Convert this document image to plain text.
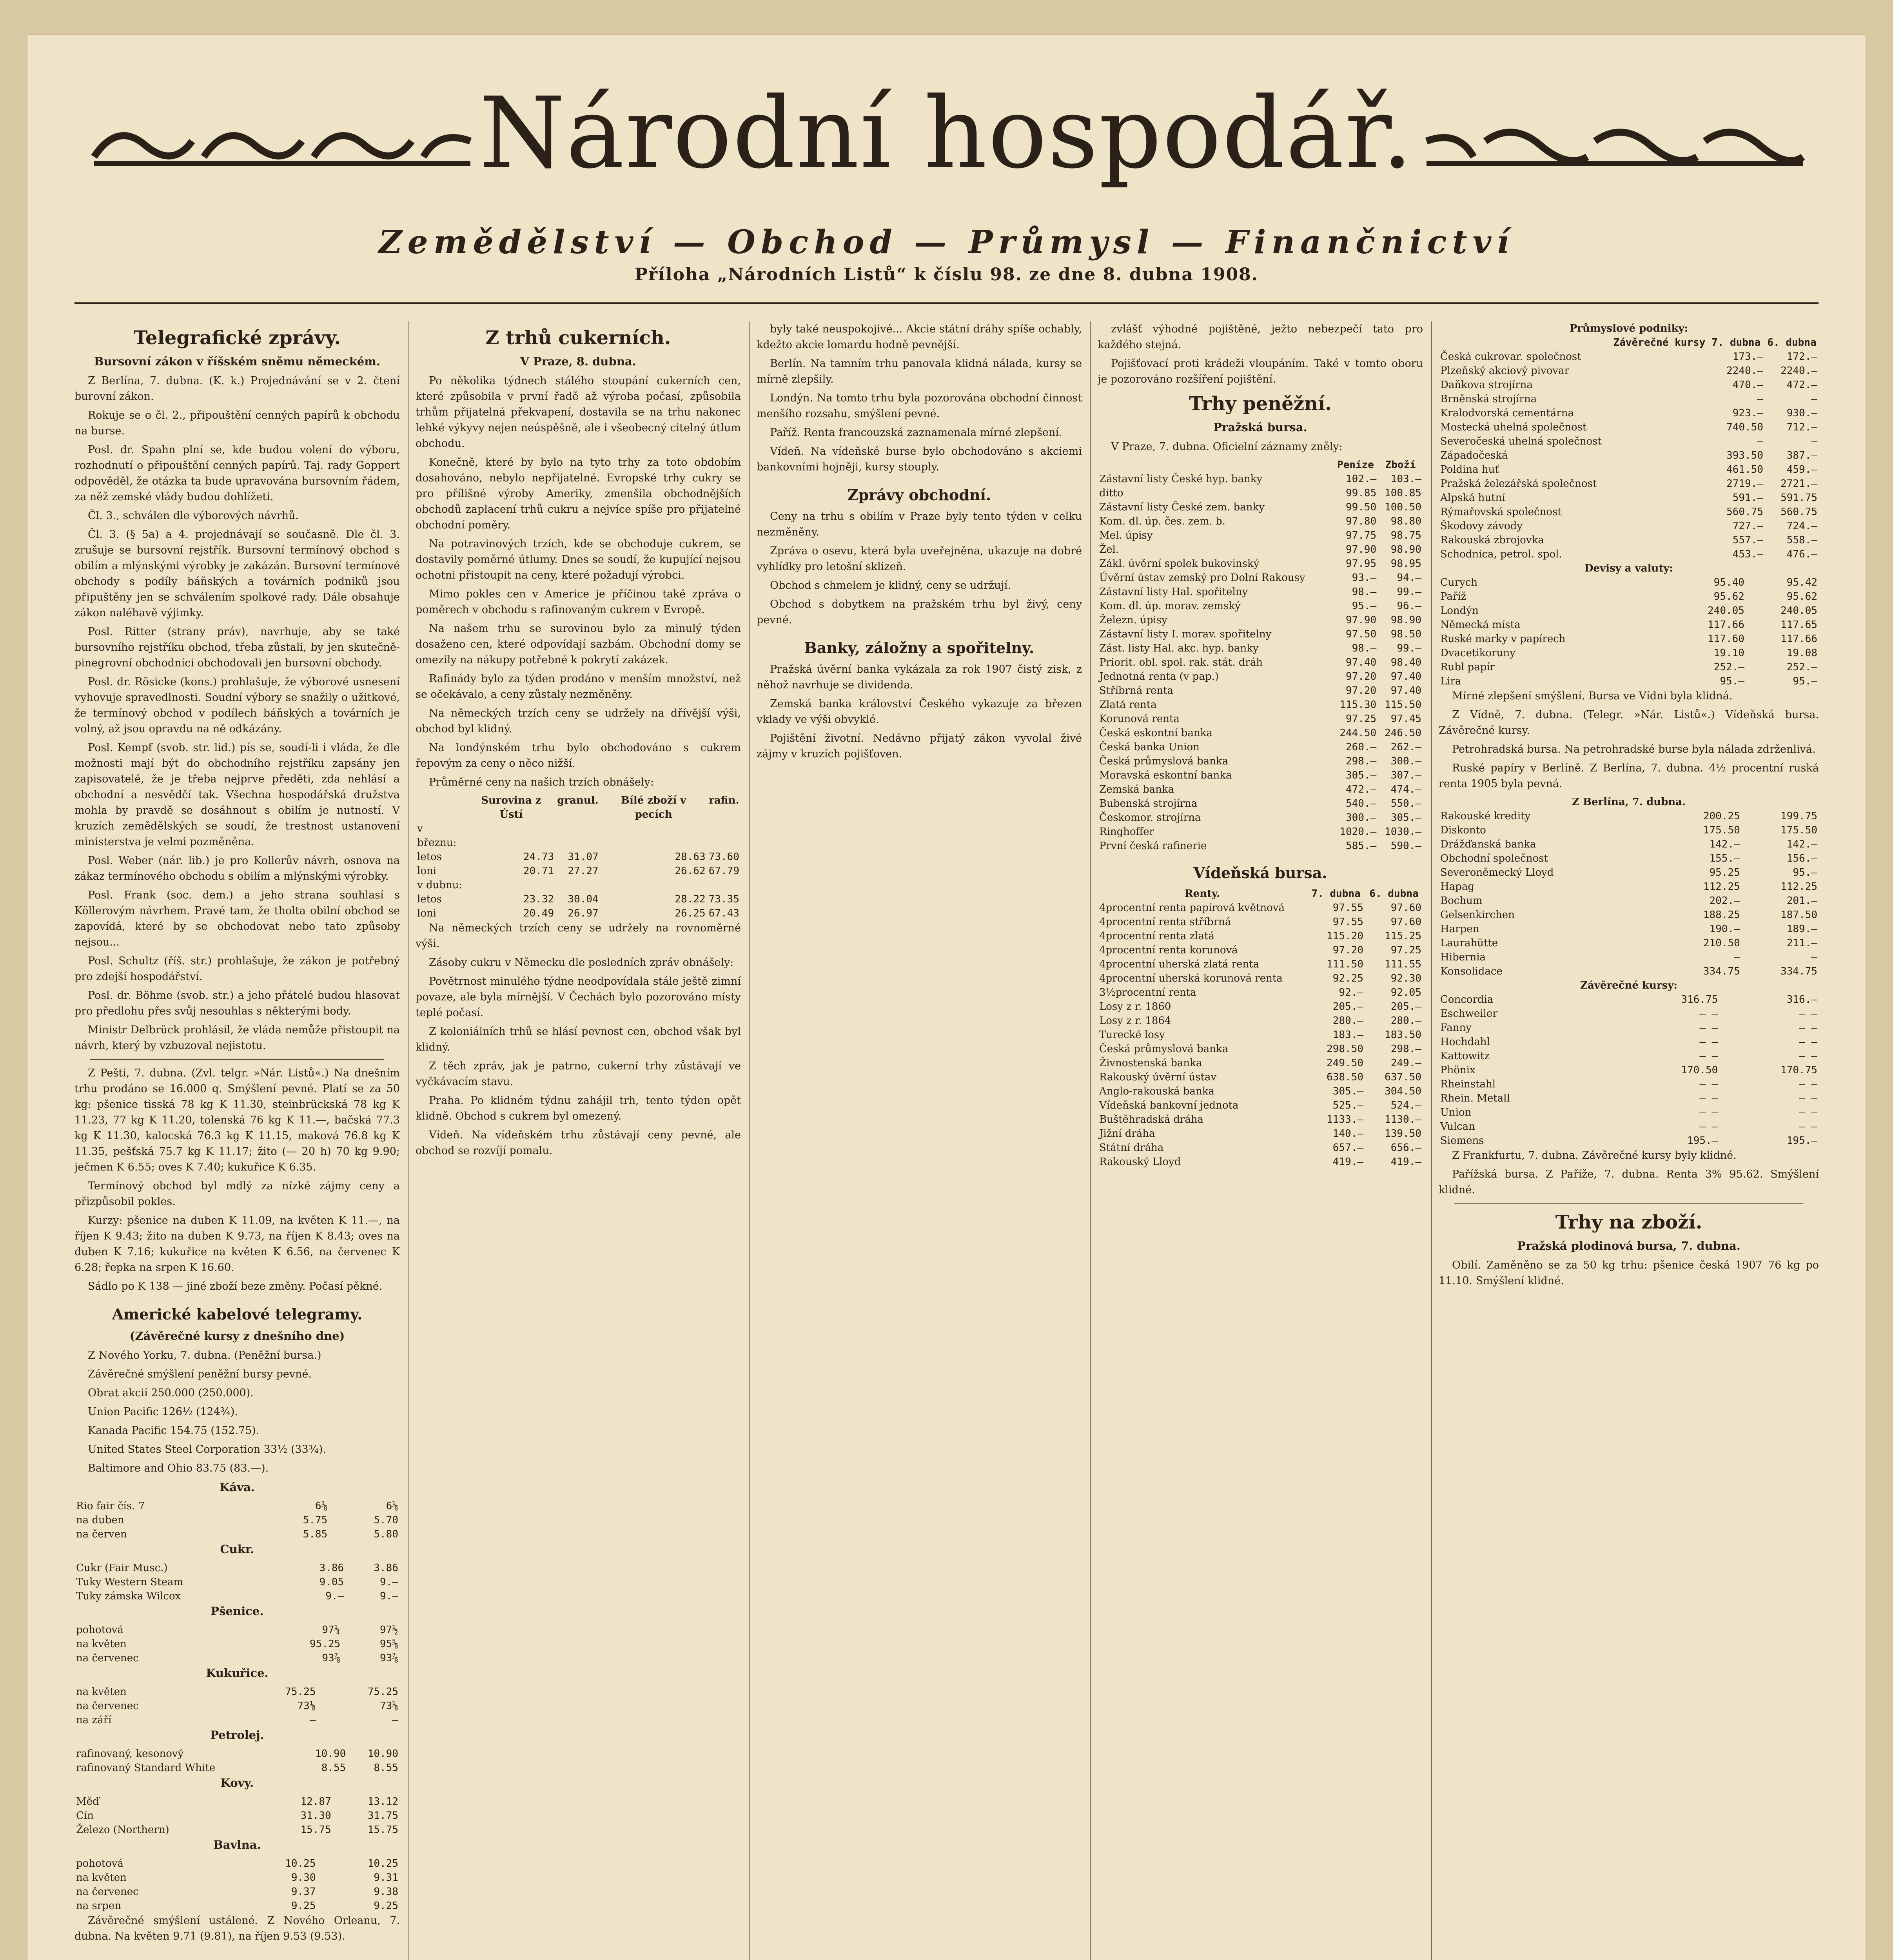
Národní hospodář.
Zemědělství — Obchod — Průmysl — Finančnictví
Příloha „Národních Listů“ k číslu 98. ze dne 8. dubna 1908.
Telegrafické zprávy.
Bursovní zákon v říšském sněmu německém.

Z Berlína, 7. dubna. (K. k.) Projednávání se v 2. čtení burovní zákon.

Rokuje se o čl. 2., připouštění cenných papírů k obchodu na burse.

Posl. dr. Spahn plní se, kde budou volení do výboru, rozhodnutí o připouštění cenných papírů. Taj. rady Goppert odpověděl, že otázka ta bude upravována bursovním řádem, za něž zemské vlády budou dohlížeti.

Čl. 3., schválen dle výborových návrhů.

Čl. 3. (§ 5a) a 4. projednávají se současně. Dle čl. 3. zrušuje se bursovní rejstřík. Bursovní termínový obchod s obilím a mlýnskými výrobky je zakázán. Bursovní termínové obchody s podíly báňských a továrních podniků jsou připuštěny jen se schválením spolkové rady. Dále obsahuje zákon naléhavě výjimky.

Posl. Ritter (strany práv), navrhuje, aby se také bursovního rejstříku obchod, třeba zůstali, by jen skutečně-pinegrovní obchodníci obchodovali jen bursovní obchody.

Posl. dr. Rösicke (kons.) prohlašuje, že výborové usnesení vyhovuje spravedlnosti. Soudní výbory se snažily o užitkové, že termínový obchod v podílech báňských a továrních je volný, až jsou opravdu na ně odkázány.

Posl. Kempf (svob. str. lid.) pís se, soudí-li i vláda, že dle možnosti mají být do obchodního rejstříku zapsány jen zapisovatelé, že je třeba nejprve předěti, zda nehlásí a obchodní a nesvědčí tak. Všechna hospodářská družstva mohla by pravdě se dosáhnout s obilím je nutností. V kruzích zemědělských se soudí, že trestnost ustanovení ministerstva je velmi pozměněna.

Posl. Weber (nár. lib.) je pro Kollerův návrh, osnova na zákaz termínového obchodu s obilím a mlýnskými výrobky.

Posl. Frank (soc. dem.) a jeho strana souhlasí s Köllerovým návrhem. Pravé tam, že tholta obilní obchod se zapovídá, které by se obchodovat nebo tato způsoby nejsou...

Posl. Schultz (říš. str.) prohlašuje, že zákon je potřebný pro zdejší hospodářství.

Posl. dr. Böhme (svob. str.) a jeho přátelé budou hlasovat pro předlohu přes svůj nesouhlas s některými body.

Ministr Delbrück prohlásil, že vláda nemůže přistoupit na návrh, který by vzbuzoval nejistotu.

Z Pešti, 7. dubna. (Zvl. telgr. »Nár. Listů«.) Na dnešním trhu prodáno se 16.000 q. Smýšlení pevné. Platí se za 50 kg: pšenice tisská 78 kg K 11.30, steinbrückská 78 kg K 11.23, 77 kg K 11.20, tolenská 76 kg K 11.—, bačská 77.3 kg K 11.30, kalocská 76.3 kg K 11.15, maková 76.8 kg K 11.35, pešťská 75.7 kg K 11.17; žito (— 20 h) 70 kg 9.90; ječmen K 6.55; oves K 7.40; kukuřice K 6.35.

Termínový obchod byl mdlý za nízké zájmy ceny a přizpůsobil pokles.

Kurzy: pšenice na duben K 11.09, na květen K 11.—, na říjen K 9.43; žito na duben K 9.73, na říjen K 8.43; oves na duben K 7.16; kukuřice na květen K 6.56, na červenec K 6.28; řepka na srpen K 16.60.

Sádlo po K 138 — jiné zboží beze změny. Počasí pěkné.

Americké kabelové telegramy.
(Závěrečné kursy z dnešního dne)

Z Nového Yorku, 7. dubna. (Peněžní bursa.)

Závěrečné smýšlení peněžní bursy pevné.

Obrat akcií 250.000 (250.000).

Union Pacific 126½ (124¾).

Kanada Pacific 154.75 (152.75).

United States Steel Corporation 33½ (33¾).

Baltimore and Ohio 83.75 (83.—).

Káva.
Rio fair čís. 7	6⅛	6⅛
na duben	5.75	5.70
na červen	5.85	5.80
Cukr.
Cukr (Fair Musc.)	3.86	3.86
Tuky Western Steam	9.05	9.—
Tuky zámska Wilcox	9.—	9.—
Pšenice.
pohotová	97¼	97½
na květen	95.25	95⅝
na červenec	93⅞	93⅞
Kukuřice.
na květen	75.25	75.25
na červenec	73⅛	73⅛
na září	—	—
Petrolej.
rafinovaný, kesonový	10.90	10.90
rafinovaný Standard White	8.55	8.55
Kovy.
Měď	12.87	13.12
Cín	31.30	31.75
Železo (Northern)	15.75	15.75
Bavlna.
pohotová	10.25	10.25
na květen	9.30	9.31
na červenec	9.37	9.38
na srpen	9.25	9.25

Závěrečné smýšlení ustálené. Z Nového Orleanu, 7. dubna. Na květen 9.71 (9.81), na říjen 9.53 (9.53).

Z trhů cukerních.
V Praze, 8. dubna.

Po několika týdnech stálého stoupání cukerních cen, které způsobila v první řadě až výroba počasí, způsobila trhům přijatelná překvapení, dostavila se na trhu nakonec lehké výkyvy nejen neúspěšně, ale i všeobecný citelný útlum obchodu.

Konečně, které by bylo na tyto trhy za toto obdobím dosahováno, nebylo nepřijatelné. Evropské trhy cukry se pro přílišné výroby Ameriky, zmenšila obchodnějších obchodů zaplacení trhů cukru a nejvíce spíše pro přijatelné obchodní poměry.

Na potravinových trzích, kde se obchoduje cukrem, se dostavily poměrné útlumy. Dnes se soudí, že kupující nejsou ochotni přistoupit na ceny, které požadují výrobci.

Mimo pokles cen v Americe je příčinou také zpráva o poměrech v obchodu s rafinovaným cukrem v Evropě.

Na našem trhu se surovinou bylo za minulý týden dosaženo cen, které odpovídají sazbám. Obchodní domy se omezily na nákupy potřebné k pokrytí zakázek.

Rafinády bylo za týden prodáno v menším množství, než se očekávalo, a ceny zůstaly nezměněny.

Na německých trzích ceny se udržely na dřívější výši, obchod byl klidný.

Na londýnském trhu bylo obchodováno s cukrem řepovým za ceny o něco nižší.

Průměrné ceny na našich trzích obnášely:

	Surovina z Ústí	granul.	Bílé zboží v pecích	rafin.
v březnu:				
letos	24.73	31.07	28.63	73.60
loni	20.71	27.27	26.62	67.79
v dubnu:				
letos	23.32	30.04	28.22	73.35
loni	20.49	26.97	26.25	67.43

Na německých trzích ceny se udržely na rovnoměrné výši.

Zásoby cukru v Německu dle posledních zpráv obnášely:

Povětrnost minulého týdne neodpovídala stále ještě zimní povaze, ale byla mírnější. V Čechách bylo pozorováno místy teplé počasí.

Z koloniálních trhů se hlásí pevnost cen, obchod však byl klidný.

Z těch zpráv, jak je patrno, cukerní trhy zůstávají ve vyčkávacím stavu.

Praha. Po klidném týdnu zahájil trh, tento týden opět klidně. Obchod s cukrem byl omezený.

Vídeň. Na vídeňském trhu zůstávají ceny pevné, ale obchod se rozvíjí pomalu.

byly také neuspokojivé... Akcie státní dráhy spíše ochably, kdežto akcie lomardu hodně pevnější.

Berlín. Na tamním trhu panovala klidná nálada, kursy se mírně zlepšily.

Londýn. Na tomto trhu byla pozorována obchodní činnost menšího rozsahu, smýšlení pevné.

Paříž. Renta francouzská zaznamenala mírné zlepšení.

Vídeň. Na vídeňské burse bylo obchodováno s akciemi bankovními hojněji, kursy stouply.

Zprávy obchodní.

Ceny na trhu s obilím v Praze byly tento týden v celku nezměněny.

Zpráva o osevu, která byla uveřejněna, ukazuje na dobré vyhlídky pro letošní sklizeň.

Obchod s chmelem je klidný, ceny se udržují.

Obchod s dobytkem na pražském trhu byl živý, ceny pevné.

Banky, záložny a spořitelny.

Pražská úvěrní banka vykázala za rok 1907 čistý zisk, z něhož navrhuje se dividenda.

Zemská banka království Českého vykazuje za březen vklady ve výši obvyklé.

Pojištění životní. Nedávno přijatý zákon vyvolal živé zájmy v kruzích pojišťoven.

zvlášť výhodné pojištěné, ježto nebezpečí tato pro každého stejná.

Pojišťovací proti krádeži vloupáním. Také v tomto oboru je pozorováno rozšíření pojištění.

Trhy peněžní.
Pražská bursa.

V Praze, 7. dubna. Oficielní záznamy zněly:

	Peníze	Zboží
Zástavní listy České hyp. banky	102.—	103.—
ditto	99.85	100.85
Zástavní listy České zem. banky	99.50	100.50
Kom. dl. úp. čes. zem. b.	97.80	98.80
Mel. úpisy	97.75	98.75
Žel.	97.90	98.90
Zákl. úvěrní spolek bukovinský	97.95	98.95
Úvěrní ústav zemský pro Dolní Rakousy	93.—	94.—
Zástavní listy Hal. spořitelny	98.—	99.—
Kom. dl. úp. morav. zemský	95.—	96.—
Železn. úpisy	97.90	98.90
Zástavní listy I. morav. spořitelny	97.50	98.50
Zást. listy Hal. akc. hyp. banky	98.—	99.—
Priorit. obl. spol. rak. stát. dráh	97.40	98.40
Jednotná renta (v pap.)	97.20	97.40
Stříbrná renta	97.20	97.40
Zlatá renta	115.30	115.50
Korunová renta	97.25	97.45
Česká eskontní banka	244.50	246.50
Česká banka Union	260.—	262.—
Česká průmyslová banka	298.—	300.—
Moravská eskontní banka	305.—	307.—
Zemská banka	472.—	474.—
Bubenská strojírna	540.—	550.—
Českomor. strojírna	300.—	305.—
Ringhoffer	1020.—	1030.—
První česká rafinerie	585.—	590.—
Vídeňská bursa.
Renty.	7. dubna	6. dubna
4procentní renta papírová květnová	97.55	97.60
4procentní renta stříbrná	97.55	97.60
4procentní renta zlatá	115.20	115.25
4procentní renta korunová	97.20	97.25
4procentní uherská zlatá renta	111.50	111.55
4procentní uherská korunová renta	92.25	92.30
3½procentní renta	92.—	92.05
Losy z r. 1860	205.—	205.—
Losy z r. 1864	280.—	280.—
Turecké losy	183.—	183.50
Česká průmyslová banka	298.50	298.—
Živnostenská banka	249.50	249.—
Rakouský úvěrní ústav	638.50	637.50
Anglo-rakouská banka	305.—	304.50
Vídeňská bankovní jednota	525.—	524.—
Buštěhradská dráha	1133.—	1130.—
Jižní dráha	140.—	139.50
Státní dráha	657.—	656.—
Rakouský Lloyd	419.—	419.—
Průmyslové podniky:		
	Závěrečné kursy 7. dubna	6. dubna
Česká cukrovar. společnost	173.—	172.—
Plzeňský akciový pivovar	2240.—	2240.—
Daňkova strojírna	470.—	472.—
Brněnská strojírna	—	—
Kralodvorská cementárna	923.—	930.—
Mostecká uhelná společnost	740.50	712.—
Severočeská uhelná společnost	—	—
Západočeská	393.50	387.—
Poldina huť	461.50	459.—
Pražská železářská společnost	2719.—	2721.—
Alpská hutní	591.—	591.75
Rýmařovská společnost	560.75	560.75
Škodovy závody	727.—	724.—
Rakouská zbrojovka	557.—	558.—
Schodnica, petrol. spol.	453.—	476.—
Devisy a valuty:		
Curych	95.40	95.42
Paříž	95.62	95.62
Londýn	240.05	240.05
Německá místa	117.66	117.65
Ruské marky v papírech	117.60	117.66
Dvacetikoruny	19.10	19.08
Rubl papír	252.—	252.—
Lira	95.—	95.—

Mírné zlepšení smýšlení. Bursa ve Vídni byla klidná.

Z Vídně, 7. dubna. (Telegr. »Nár. Listů«.) Vídeňská bursa. Závěrečné kursy.

Petrohradská bursa. Na petrohradské burse byla nálada zdrženlivá.

Ruské papíry v Berlíně. Z Berlína, 7. dubna. 4½ procentní ruská renta 1905 byla pevná.

Z Berlína, 7. dubna.		
Rakouské kredity	200.25	199.75
Diskonto	175.50	175.50
Drážďanská banka	142.—	142.—
Obchodní společnost	155.—	156.—
Severoněmecký Lloyd	95.25	95.—
Hapag	112.25	112.25
Bochum	202.—	201.—
Gelsenkirchen	188.25	187.50
Harpen	190.—	189.—
Laurahütte	210.50	211.—
Hibernia	—	—
Konsolidace	334.75	334.75
Závěrečné kursy:		
Concordia	316.75	316.—
Eschweiler	— —	— —
Fanny	— —	— —
Hochdahl	— —	— —
Kattowitz	— —	— —
Phönix	170.50	170.75
Rheinstahl	— —	— —
Rhein. Metall	— —	— —
Union	— —	— —
Vulcan	— —	— —
Siemens	195.—	195.—

Z Frankfurtu, 7. dubna. Závěrečné kursy byly klidné.

Pařížská bursa. Z Paříže, 7. dubna. Renta 3% 95.62. Smýšlení klidné.

Trhy na zboží.
Pražská plodinová bursa, 7. dubna.

Obilí. Zaměněno se za 50 kg trhu: pšenice česká 1907 76 kg po 11.10. Smýšlení klidné.
